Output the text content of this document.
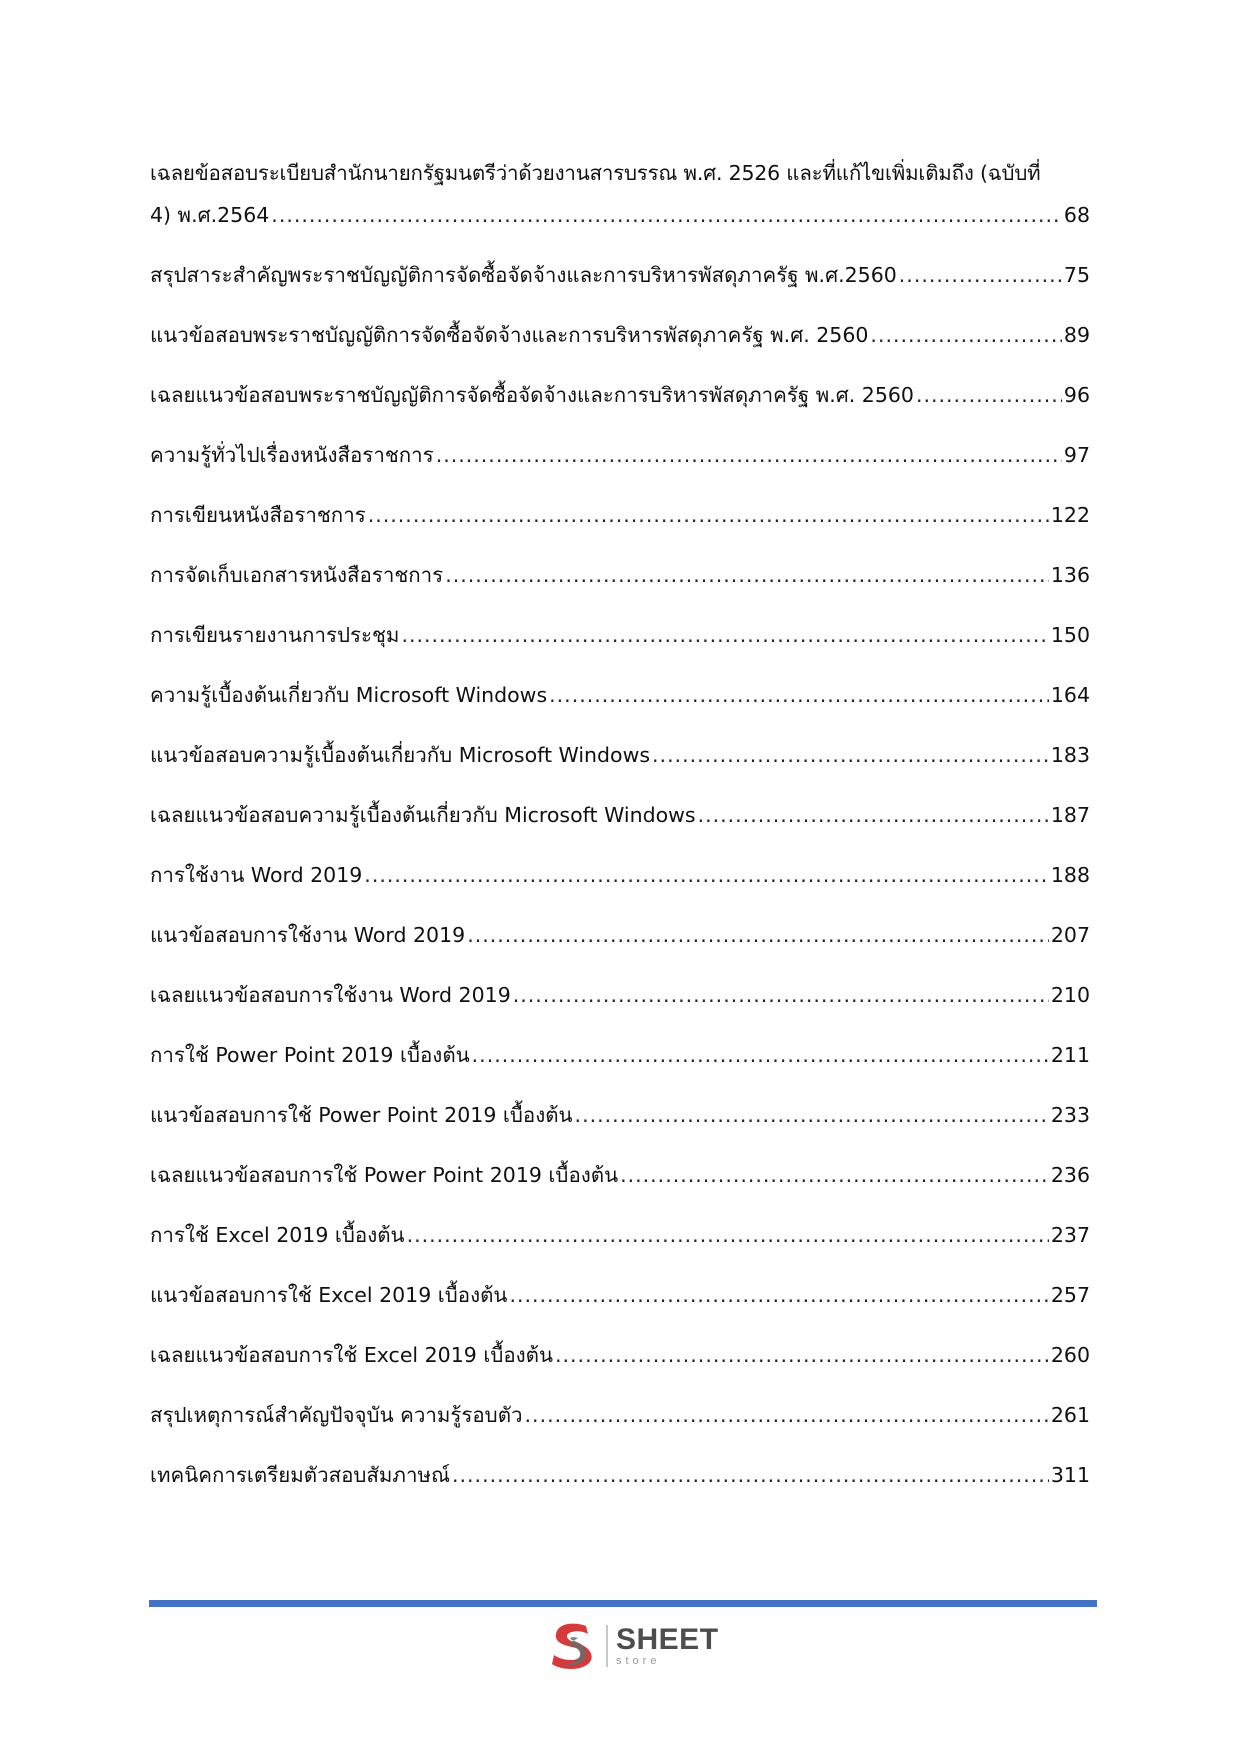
เฉลยข้อสอบระเบียบสำนักนายกรัฐมนตรีว่าด้วยงานสารบรรณ พ.ศ. 2526 และที่แก้ไขเพิ่มเติมถึง (ฉบับที่
4) พ.ศ.2564 .....	68
สรุปสาระสำคัญพระราชบัญญัติการจัดซื้อจัดจ้างและการบริหารพัสดุภาครัฐ พ.ศ.2560 .....	75
แนวข้อสอบพระราชบัญญัติการจัดซื้อจัดจ้างและการบริหารพัสดุภาครัฐ พ.ศ. 2560 .....	89
เฉลยแนวข้อสอบพระราชบัญญัติการจัดซื้อจัดจ้างและการบริหารพัสดุภาครัฐ พ.ศ. 2560 .....	96
ความรู้ทั่วไปเรื่องหนังสือราชการ .....	97
การเขียนหนังสือราชการ .....	122
การจัดเก็บเอกสารหนังสือราชการ .....	136
การเขียนรายงานการประชุม .....	150
ความรู้เบื้องต้นเกี่ยวกับ Microsoft Windows .....	164
แนวข้อสอบความรู้เบื้องต้นเกี่ยวกับ Microsoft Windows .....	183
เฉลยแนวข้อสอบความรู้เบื้องต้นเกี่ยวกับ Microsoft Windows .....	187
การใช้งาน Word 2019 .....	188
แนวข้อสอบการใช้งาน Word 2019 .....	207
เฉลยแนวข้อสอบการใช้งาน Word 2019 .....	210
การใช้ Power Point 2019 เบื้องต้น .....	211
แนวข้อสอบการใช้ Power Point 2019 เบื้องต้น .....	233
เฉลยแนวข้อสอบการใช้ Power Point 2019 เบื้องต้น .....	236
การใช้ Excel 2019 เบื้องต้น .....	237
แนวข้อสอบการใช้ Excel 2019 เบื้องต้น .....	257
เฉลยแนวข้อสอบการใช้ Excel 2019 เบื้องต้น .....	260
สรุปเหตุการณ์สำคัญปัจจุบัน ความรู้รอบตัว .....	261
เทคนิคการเตรียมตัวสอบสัมภาษณ์ .....	311
SHEET
store
